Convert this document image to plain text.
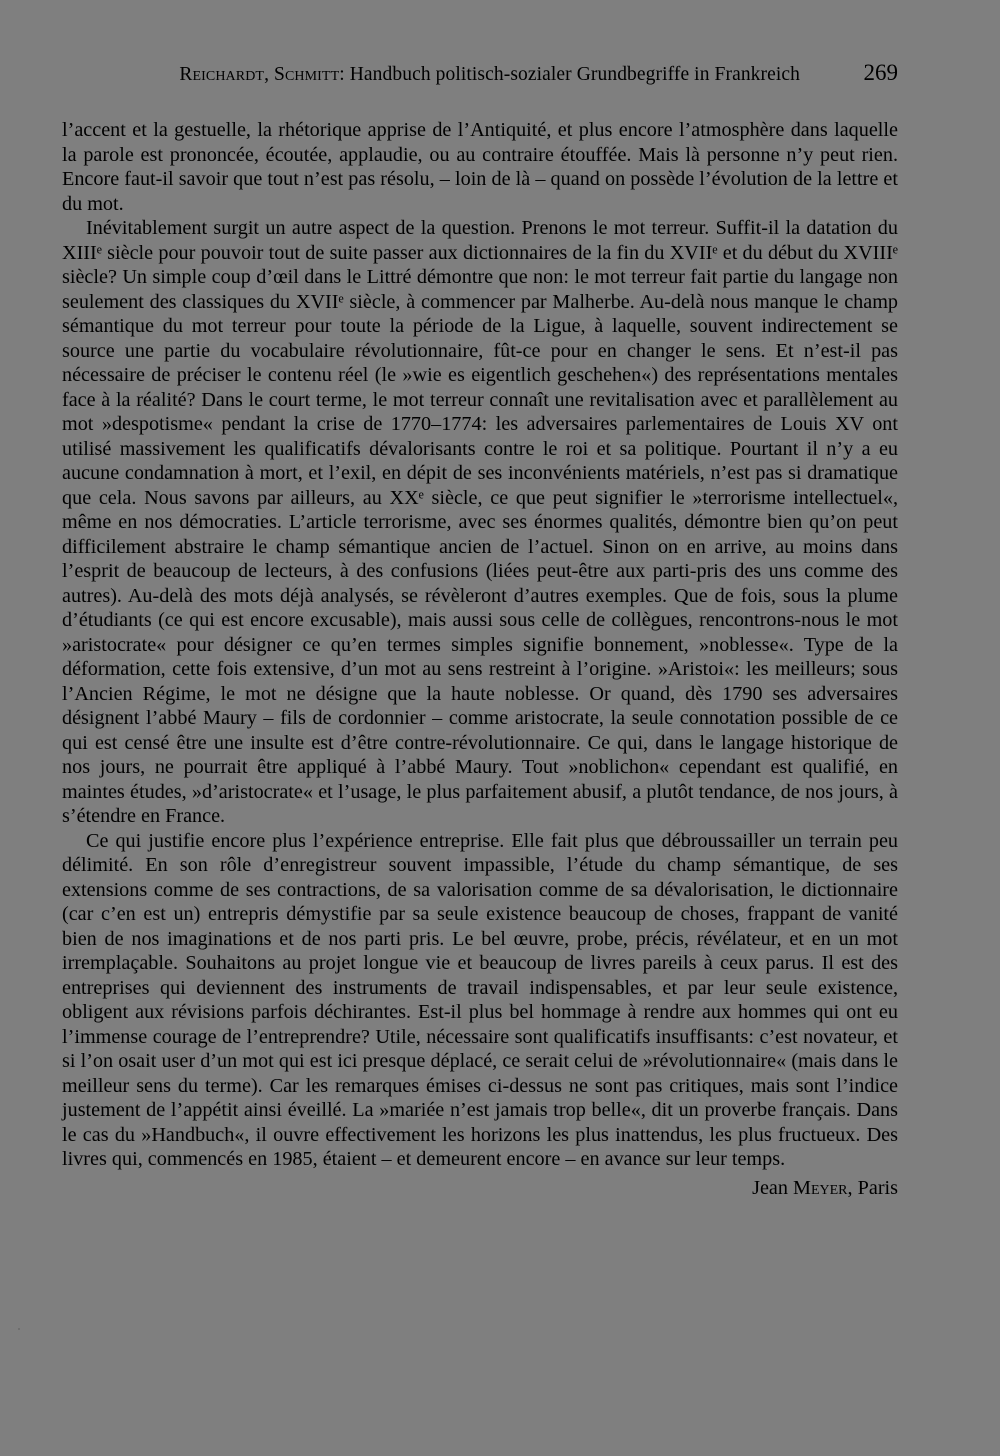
Reichardt, Schmitt: Handbuch politisch-sozialer Grundbegriffe in Frankreich	269

l’accent et la gestuelle, la rhétorique apprise de l’Antiquité, et plus encore l’atmosphère dans laquelle la parole est prononcée, écoutée, applaudie, ou au contraire étouffée. Mais là personne n’y peut rien. Encore faut-il savoir que tout n’est pas résolu, – loin de là – quand on possède l’évolution de la lettre et du mot.

Inévitablement surgit un autre aspect de la question. Prenons le mot terreur. Suffit-il la datation du XIIIᵉ siècle pour pouvoir tout de suite passer aux dictionnaires de la fin du XVIIᵉ et du début du XVIIIᵉ siècle? Un simple coup d’œil dans le Littré démontre que non: le mot terreur fait partie du langage non seulement des classiques du XVIIᵉ siècle, à commencer par Malherbe. Au-delà nous manque le champ sémantique du mot terreur pour toute la période de la Ligue, à laquelle, souvent indirectement se source une partie du vocabulaire révolutionnaire, fût-ce pour en changer le sens. Et n’est-il pas nécessaire de préciser le contenu réel (le »wie es eigentlich geschehen«) des représentations mentales face à la réalité? Dans le court terme, le mot terreur connaît une revitalisation avec et parallèlement au mot »despotisme« pendant la crise de 1770–1774: les adversaires parlementaires de Louis XV ont utilisé massivement les qualificatifs dévalorisants contre le roi et sa politique. Pourtant il n’y a eu aucune condamnation à mort, et l’exil, en dépit de ses inconvénients matériels, n’est pas si dramatique que cela. Nous savons par ailleurs, au XXᵉ siècle, ce que peut signifier le »terrorisme intellectuel«, même en nos démocraties. L’article terrorisme, avec ses énormes qualités, démontre bien qu’on peut difficilement abstraire le champ sémantique ancien de l’actuel. Sinon on en arrive, au moins dans l’esprit de beaucoup de lecteurs, à des confusions (liées peut-être aux parti-pris des uns comme des autres). Au-delà des mots déjà analysés, se révèleront d’autres exemples. Que de fois, sous la plume d’étudiants (ce qui est encore excusable), mais aussi sous celle de collègues, rencontrons-nous le mot »aristocrate« pour désigner ce qu’en termes simples signifie bonnement, »noblesse«. Type de la déformation, cette fois extensive, d’un mot au sens restreint à l’origine. »Aristoi«: les meilleurs; sous l’Ancien Régime, le mot ne désigne que la haute noblesse. Or quand, dès 1790 ses adversaires désignent l’abbé Maury – fils de cordonnier – comme aristocrate, la seule connotation possible de ce qui est censé être une insulte est d’être contre-révolutionnaire. Ce qui, dans le langage historique de nos jours, ne pourrait être appliqué à l’abbé Maury. Tout »noblichon« cependant est qualifié, en maintes études, »d’aristocrate« et l’usage, le plus parfaitement abusif, a plutôt tendance, de nos jours, à s’étendre en France.

Ce qui justifie encore plus l’expérience entreprise. Elle fait plus que débroussailler un terrain peu délimité. En son rôle d’enregistreur souvent impassible, l’étude du champ sémantique, de ses extensions comme de ses contractions, de sa valorisation comme de sa dévalorisation, le dictionnaire (car c’en est un) entrepris démystifie par sa seule existence beaucoup de choses, frappant de vanité bien de nos imaginations et de nos parti pris. Le bel œuvre, probe, précis, révélateur, et en un mot irremplaçable. Souhaitons au projet longue vie et beaucoup de livres pareils à ceux parus. Il est des entreprises qui deviennent des instruments de travail indispensables, et par leur seule existence, obligent aux révisions parfois déchirantes. Est-il plus bel hommage à rendre aux hommes qui ont eu l’immense courage de l’entreprendre? Utile, nécessaire sont qualificatifs insuffisants: c’est novateur, et si l’on osait user d’un mot qui est ici presque déplacé, ce serait celui de »révolutionnaire« (mais dans le meilleur sens du terme). Car les remarques émises ci-dessus ne sont pas critiques, mais sont l’indice justement de l’appétit ainsi éveillé. La »mariée n’est jamais trop belle«, dit un proverbe français. Dans le cas du »Handbuch«, il ouvre effectivement les horizons les plus inattendus, les plus fructueux. Des livres qui, commencés en 1985, étaient – et demeurent encore – en avance sur leur temps.

Jean Meyer, Paris
